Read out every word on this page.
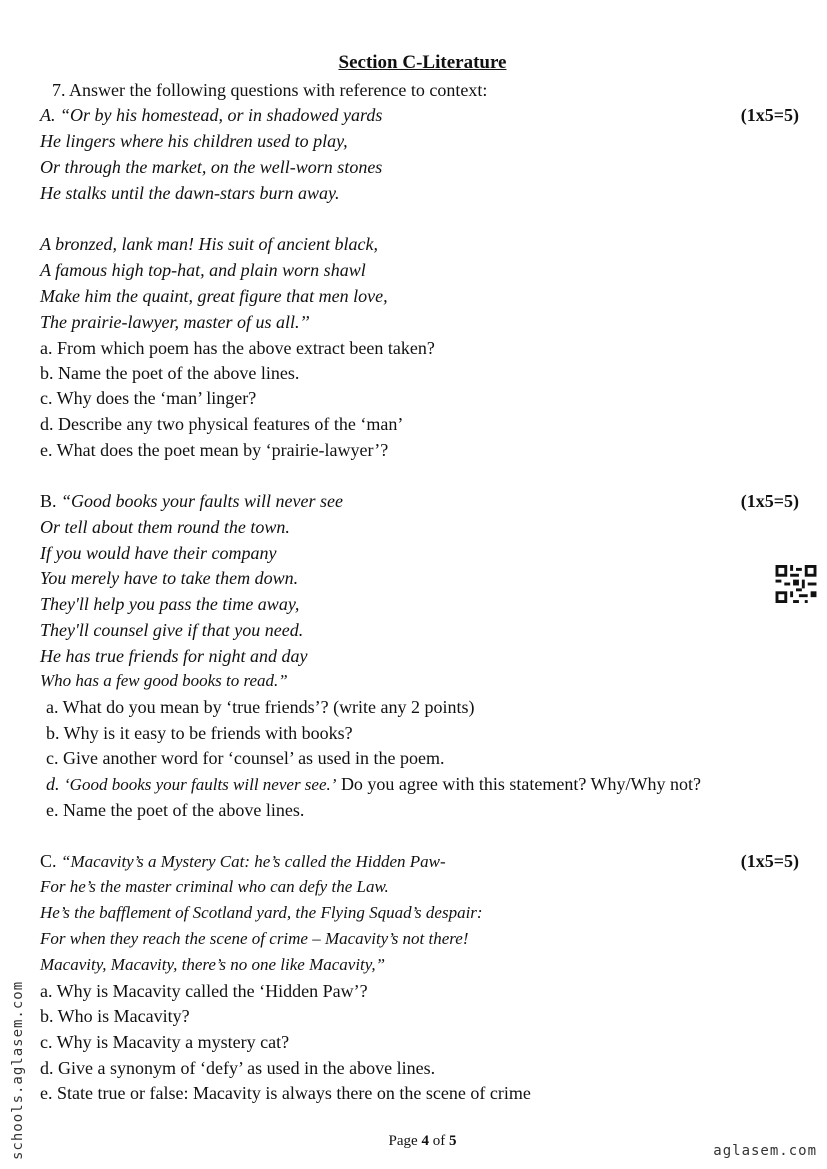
Section C-Literature
7. Answer the following questions with reference to context:
A. “Or by his homestead, or in shadowed yards	(1x5=5)
He lingers where his children used to play,
Or through the market, on the well-worn stones
He stalks until the dawn-stars burn away.
A bronzed, lank man! His suit of ancient black,
A famous high top-hat, and plain worn shawl
Make him the quaint, great figure that men love,
The prairie-lawyer, master of us all.’’
a. From which poem has the above extract been taken?
b. Name the poet of the above lines.
c. Why does the ‘man’ linger?
d. Describe any two physical features of the ‘man’
e. What does the poet mean by ‘prairie-lawyer’?
B. “Good books your faults will never see	(1x5=5)
Or tell about them round the town.
If you would have their company
You merely have to take them down.
They'll help you pass the time away,
They'll counsel give if that you need.
He has true friends for night and day
Who has a few good books to read.”
a. What do you mean by ‘true friends’? (write any 2 points)
b. Why is it easy to be friends with books?
c. Give another word for ‘counsel’ as used in the poem.
d. ‘Good books your faults will never see.’ Do you agree with this statement? Why/Why not?
e. Name the poet of the above lines.
C. “Macavity’s a Mystery Cat: he’s called the Hidden Paw-	(1x5=5)
For he’s the master criminal who can defy the Law.
He’s the bafflement of Scotland yard, the Flying Squad’s despair:
For when they reach the scene of crime – Macavity’s not there!
Macavity, Macavity, there’s no one like Macavity,”
a. Why is Macavity called the ‘Hidden Paw’?
b. Who is Macavity?
c. Why is Macavity a mystery cat?
d. Give a synonym of ‘defy’ as used in the above lines.
e. State true or false: Macavity is always there on the scene of crime
schools.aglasem.com	Page 4 of 5
aglasem.com
